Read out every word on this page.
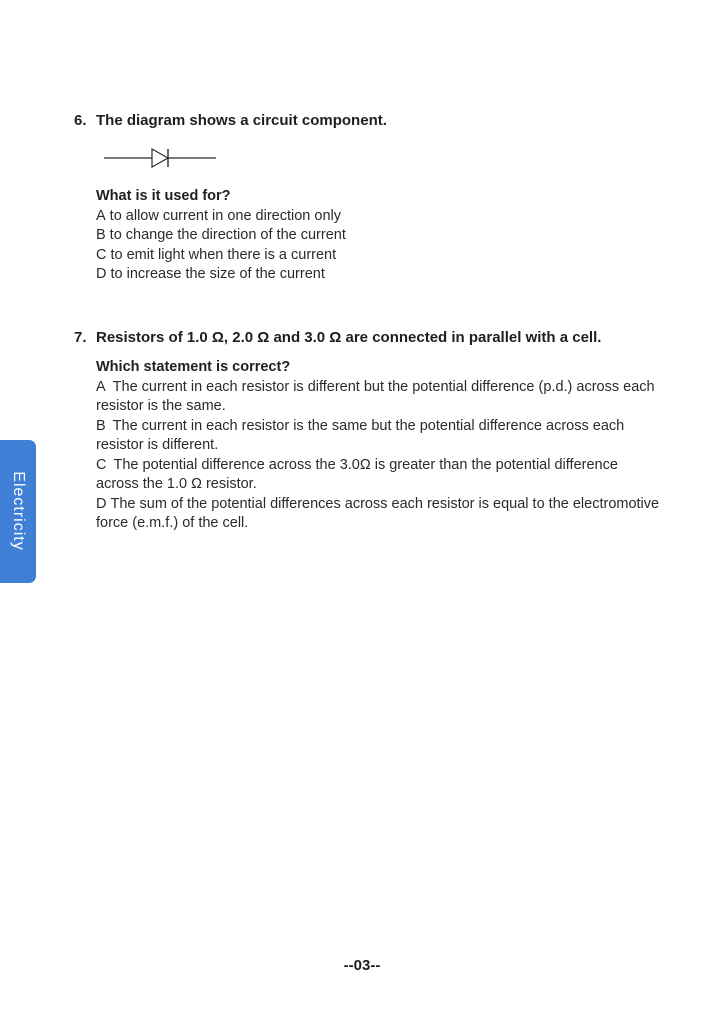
Electricity
6. The diagram shows a circuit component.
What is it used for?
A to allow current in one direction only
B to change the direction of the current
C to emit light when there is a current
D to increase the size of the current
7. Resistors of 1.0 Ω, 2.0 Ω and 3.0 Ω are connected in parallel with a cell.
Which statement is correct?
A The current in each resistor is different but the potential difference (p.d.) across each resistor is the same.
B The current in each resistor is the same but the potential difference across each resistor is different.
C The potential difference across the 3.0Ω is greater than the potential difference across the 1.0 Ω resistor.
D The sum of the potential differences across each resistor is equal to the electromotive force (e.m.f.) of the cell.
--03--
